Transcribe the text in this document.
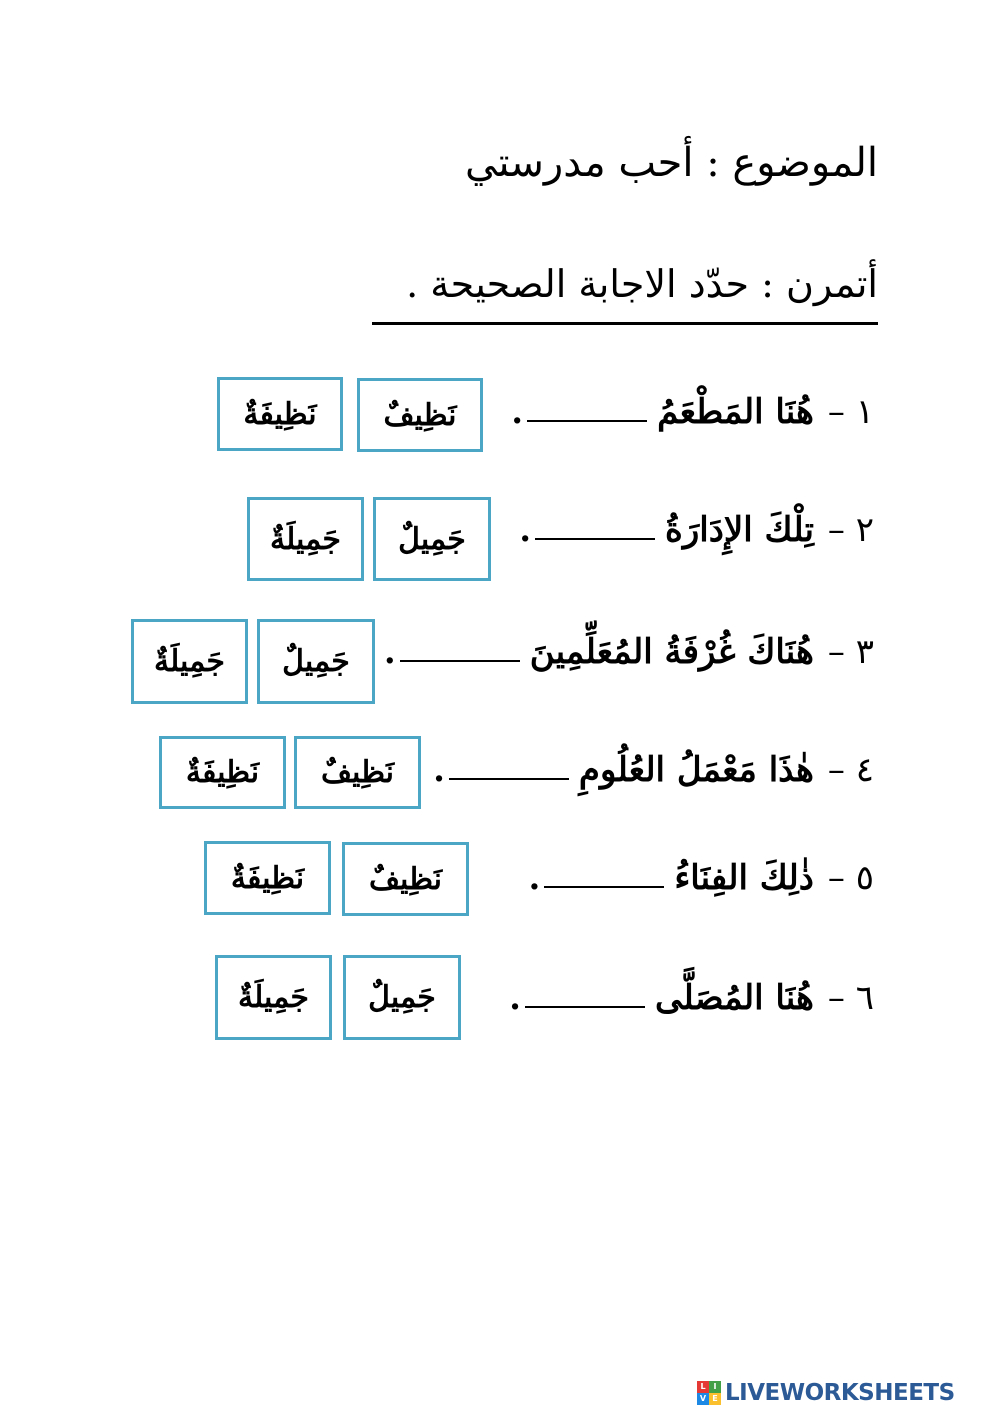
الموضوع : أحب مدرستي
أتمرن : حدّد الاجابة الصحيحة .
١ –
هُنَا المَطْعَمُ
.
نَظِيفٌ
نَظِيفَةٌ
٢ –
تِلْكَ الإِدَارَةُ
.
جَمِيلٌ
جَمِيلَةٌ
٣ –
هُنَاكَ غُرْفَةُ المُعَلِّمِينَ
.
جَمِيلٌ
جَمِيلَةٌ
٤ –
هٰذَا مَعْمَلُ العُلُومِ
.
نَظِيفٌ
نَظِيفَةٌ
٥ –
ذٰلِكَ الفِنَاءُ
.
نَظِيفٌ
نَظِيفَةٌ
٦ –
هُنَا المُصَلَّى
.
جَمِيلٌ
جَمِيلَةٌ
L I
V E LIVEWORKSHEETS
